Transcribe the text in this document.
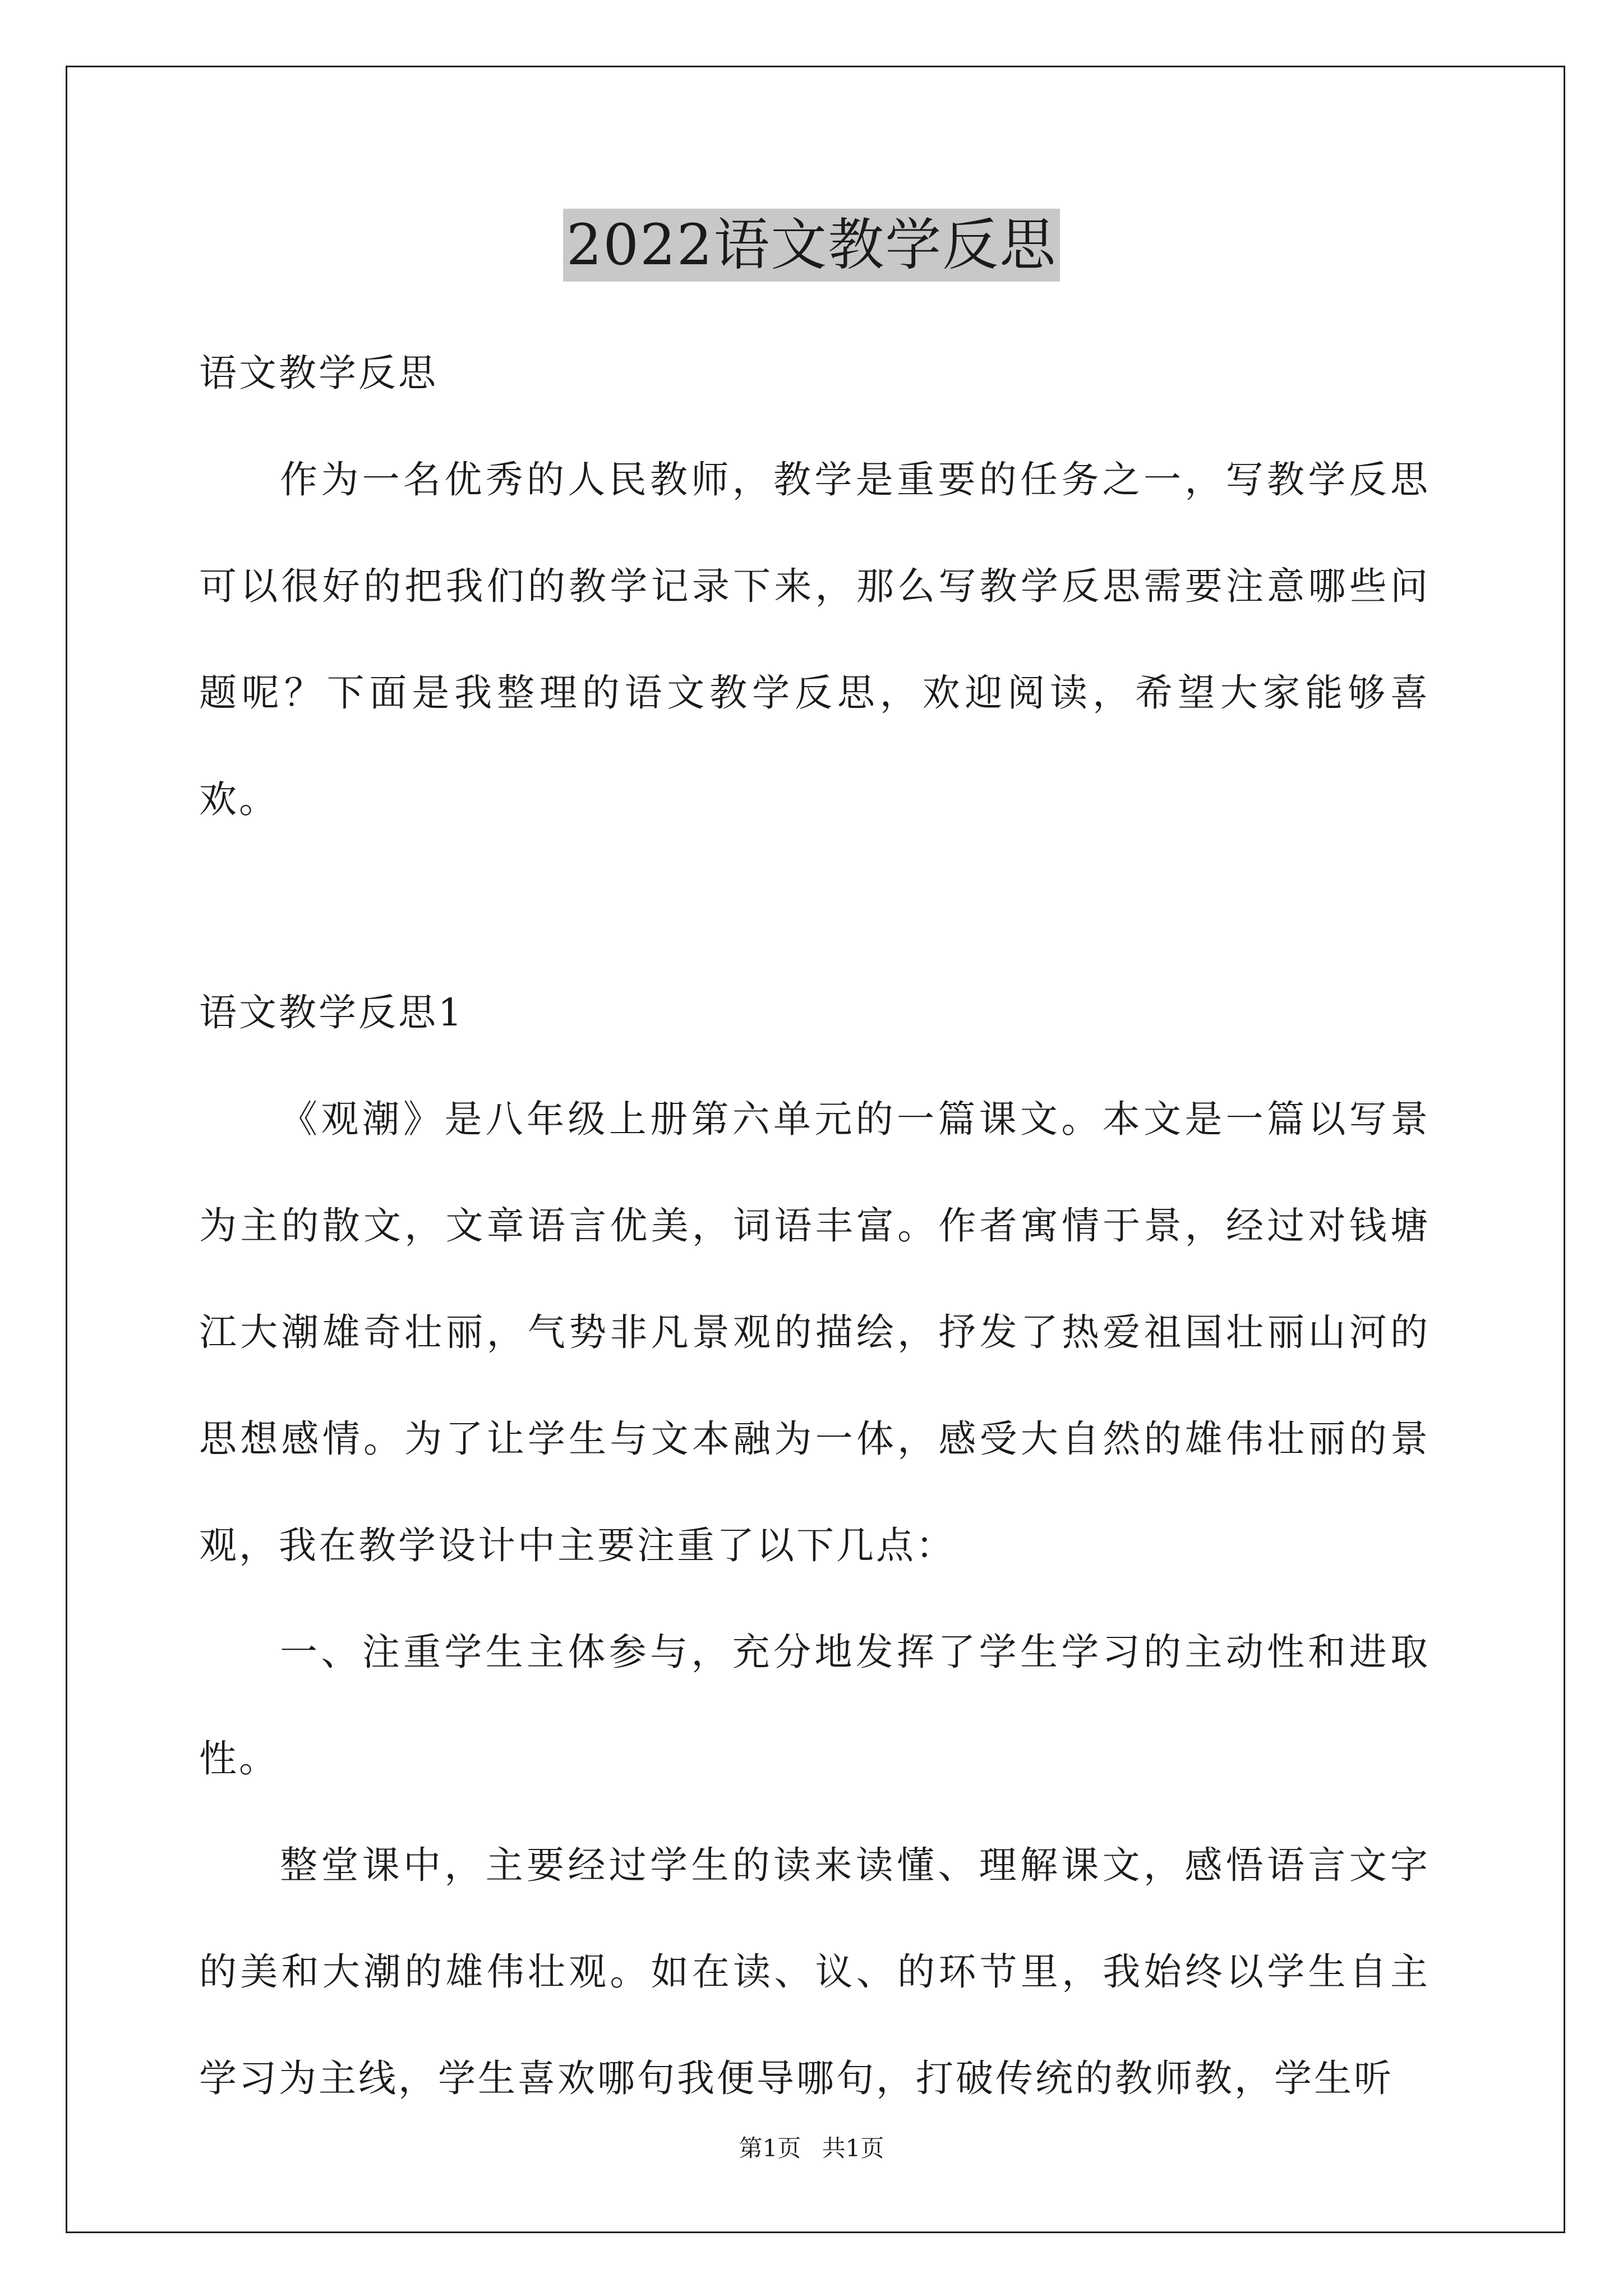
2022语文教学反思

语文教学反思

作为一名优秀的人民教师，教学是重要的任务之一，写教学反思可以很好的把我们的教学记录下来，那么写教学反思需要注意哪些问题呢？下面是我整理的语文教学反思，欢迎阅读，希望大家能够喜欢。

语文教学反思1

《观潮》是八年级上册第六单元的一篇课文。本文是一篇以写景为主的散文，文章语言优美，词语丰富。作者寓情于景，经过对钱塘江大潮雄奇壮丽，气势非凡景观的描绘，抒发了热爱祖国壮丽山河的思想感情。为了让学生与文本融为一体，感受大自然的雄伟壮丽的景观，我在教学设计中主要注重了以下几点：

一、注重学生主体参与，充分地发挥了学生学习的主动性和进取性。

整堂课中，主要经过学生的读来读懂、理解课文，感悟语言文字的美和大潮的雄伟壮观。如在读、议、的环节里，我始终以学生自主学习为主线，学生喜欢哪句我便导哪句，打破传统的教师教，学生听

第1页 共1页
